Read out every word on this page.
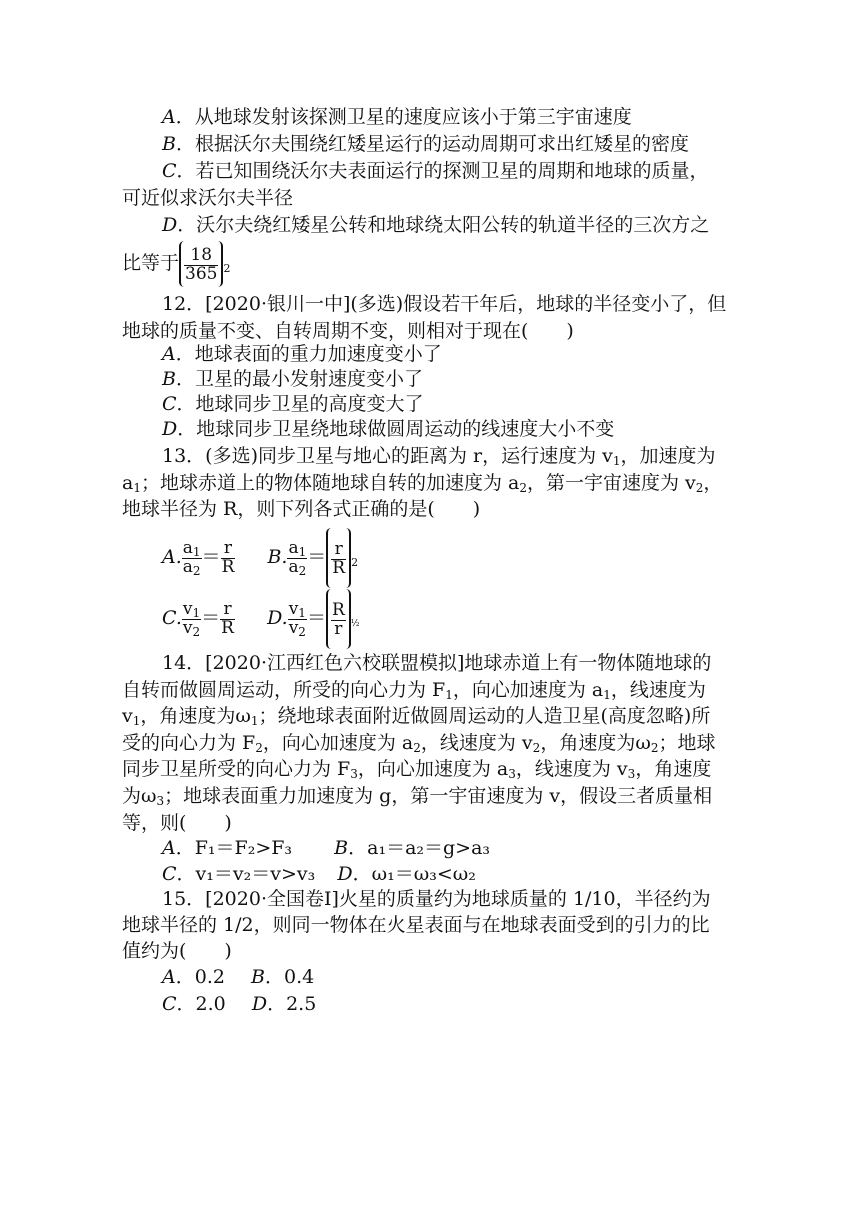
A．从地球发射该探测卫星的速度应该小于第三宇宙速度
B．根据沃尔夫围绕红矮星运行的运动周期可求出红矮星的密度
C．若已知围绕沃尔夫表面运行的探测卫星的周期和地球的质量，
可近似求沃尔夫半径
D．沃尔夫绕红矮星公转和地球绕太阳公转的轨道半径的三次方之
比等于 $\frac{18}{365} 2$
12．[2020·银川一中](多选)假设若干年后，地球的半径变小了，但
地球的质量不变、自转周期不变，则相对于现在(　　)
A．地球表面的重力加速度变小了
B．卫星的最小发射速度变小了
C．地球同步卫星的高度变大了
D．地球同步卫星绕地球做圆周运动的线速度大小不变
13．(多选)同步卫星与地心的距离为 r，运行速度为 $v_1$，加速度为
$a_1$；地球赤道上的物体随地球自转的加速度为 $a_2$，第一宇宙速度为 $v_2$，
地球半径为 R，则下列各式正确的是(　　)
A. $\frac{a_1}{a_2} = \frac{r}{R} B$. $\frac{a_1}{a_2} = \frac{r}{R} 2$
C. $\frac{v_1}{v_2} = \frac{r}{R} D$. $\frac{v_1}{v_2} = \frac{R}{r}$ ½
14．[2020·江西红色六校联盟模拟]地球赤道上有一物体随地球的
自转而做圆周运动，所受的向心力为 $F_1$，向心加速度为 $a_1$，线速度为
$v_1$，角速度为$\omega_1$；绕地球表面附近做圆周运动的人造卫星(高度忽略)所
受的向心力为 $F_2$，向心加速度为 $a_2$，线速度为 $v_2$，角速度为$\omega_2$；地球
同步卫星所受的向心力为 $F_3$，向心加速度为 $a_3$，线速度为 $v_3$，角速度
为$\omega_3$；地球表面重力加速度为 g，第一宇宙速度为 v，假设三者质量相
等，则(　　)
A．F₁＝F₂>F₃ B．a₁＝a₂＝g>a₃
C．v₁＝v₂＝v>v₃ D．ω₁＝ω₃<ω₂
15．[2020·全国卷Ⅰ]火星的质量约为地球质量的 1/10，半径约为
地球半径的 1/2，则同一物体在火星表面与在地球表面受到的引力的比
值约为(　　)
A．0.2 B．0.4
C．2.0 D．2.5
